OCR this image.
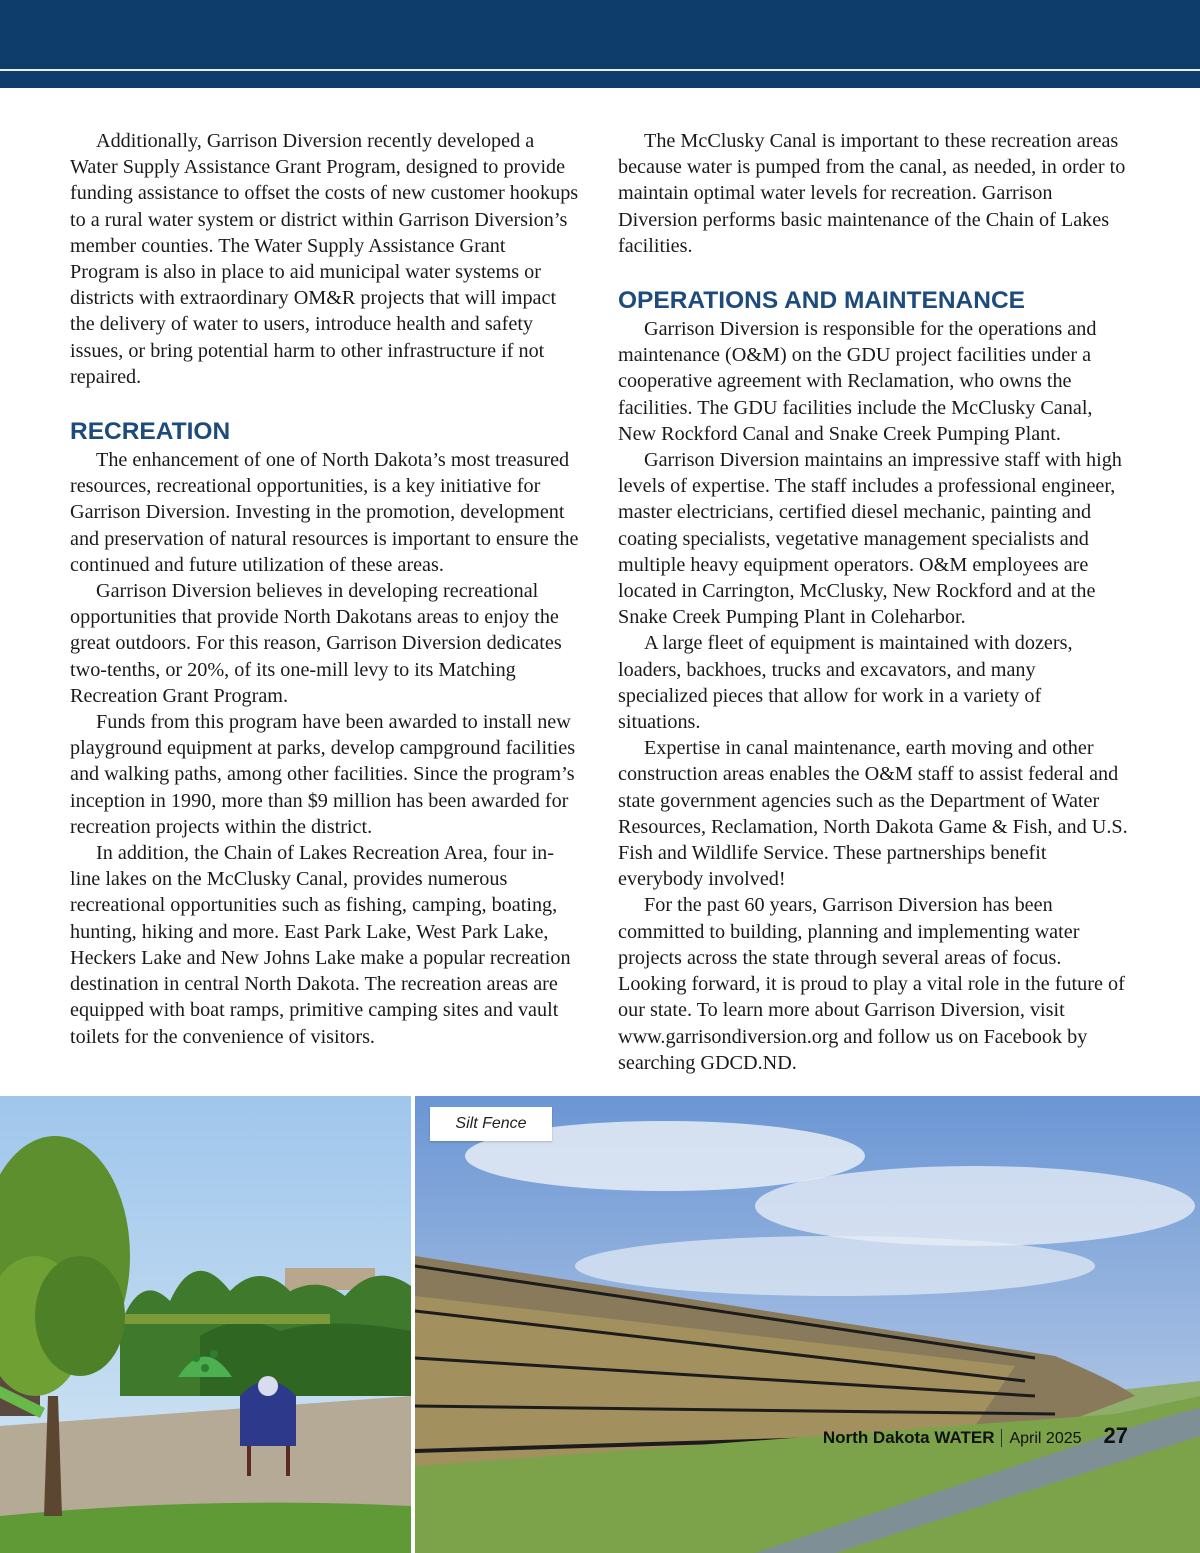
Additionally, Garrison Diversion recently developed a Water Supply Assistance Grant Program, designed to provide funding assistance to offset the costs of new customer hookups to a rural water system or district within Garrison Diversion’s member counties. The Water Supply Assistance Grant Program is also in place to aid municipal water systems or districts with extraordinary OM&R projects that will impact the delivery of water to users, introduce health and safety issues, or bring potential harm to other infrastructure if not repaired.

RECREATION

The enhancement of one of North Dakota’s most treasured resources, recreational opportunities, is a key initiative for Garrison Diversion. Investing in the promotion, development and preservation of natural resources is important to ensure the continued and future utilization of these areas.

Garrison Diversion believes in developing recreational opportunities that provide North Dakotans areas to enjoy the great outdoors. For this reason, Garrison Diversion dedicates two-tenths, or 20%, of its one-mill levy to its Matching Recreation Grant Program.

Funds from this program have been awarded to install new playground equipment at parks, develop campground facilities and walking paths, among other facilities. Since the program’s inception in 1990, more than $9 million has been awarded for recreation projects within the district.

In addition, the Chain of Lakes Recreation Area, four in-line lakes on the McClusky Canal, provides numerous recreational opportunities such as fishing, camping, boating, hunting, hiking and more. East Park Lake, West Park Lake, Heckers Lake and New Johns Lake make a popular recreation destination in central North Dakota. The recreation areas are equipped with boat ramps, primitive camping sites and vault toilets for the convenience of visitors.

The McClusky Canal is important to these recreation areas because water is pumped from the canal, as needed, in order to maintain optimal water levels for recreation. Garrison Diversion performs basic maintenance of the Chain of Lakes facilities.

OPERATIONS AND MAINTENANCE

Garrison Diversion is responsible for the operations and maintenance (O&M) on the GDU project facilities under a cooperative agreement with Reclamation, who owns the facilities. The GDU facilities include the McClusky Canal, New Rockford Canal and Snake Creek Pumping Plant.

Garrison Diversion maintains an impressive staff with high levels of expertise. The staff includes a professional engineer, master electricians, certified diesel mechanic, painting and coating specialists, vegetative management specialists and multiple heavy equipment operators. O&M employees are located in Carrington, McClusky, New Rockford and at the Snake Creek Pumping Plant in Coleharbor.

A large fleet of equipment is maintained with dozers, loaders, backhoes, trucks and excavators, and many specialized pieces that allow for work in a variety of situations.

Expertise in canal maintenance, earth moving and other construction areas enables the O&M staff to assist federal and state government agencies such as the Department of Water Resources, Reclamation, North Dakota Game & Fish, and U.S. Fish and Wildlife Service. These partnerships benefit everybody involved!

For the past 60 years, Garrison Diversion has been committed to building, planning and implementing water projects across the state through several areas of focus. Looking forward, it is proud to play a vital role in the future of our state. To learn more about Garrison Diversion, visit www.garrisondiversion.org and follow us on Facebook by searching GDCD.ND.

Silt Fence
North Dakota WATER April 2025 27
